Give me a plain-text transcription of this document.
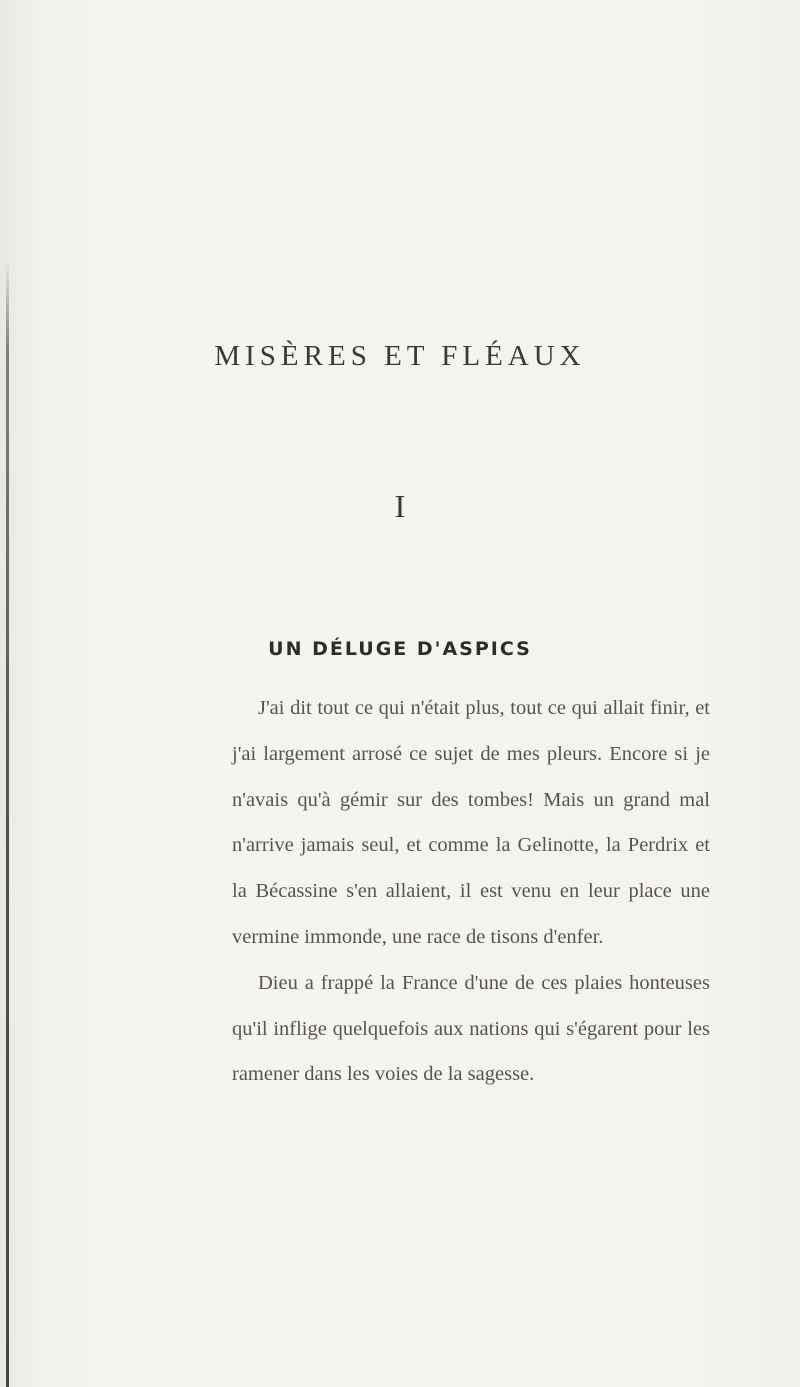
MISÈRES ET FLÉAUX
I
UN DÉLUGE D'ASPICS

J'ai dit tout ce qui n'était plus, tout ce qui allait finir, et j'ai largement arrosé ce sujet de mes pleurs. Encore si je n'avais qu'à gémir sur des tombes! Mais un grand mal n'arrive jamais seul, et comme la Gelinotte, la Perdrix et la Bécassine s'en allaient, il est venu en leur place une vermine immonde, une race de tisons d'enfer.

Dieu a frappé la France d'une de ces plaies honteuses qu'il inflige quelquefois aux nations qui s'égarent pour les ramener dans les voies de la sagesse.
